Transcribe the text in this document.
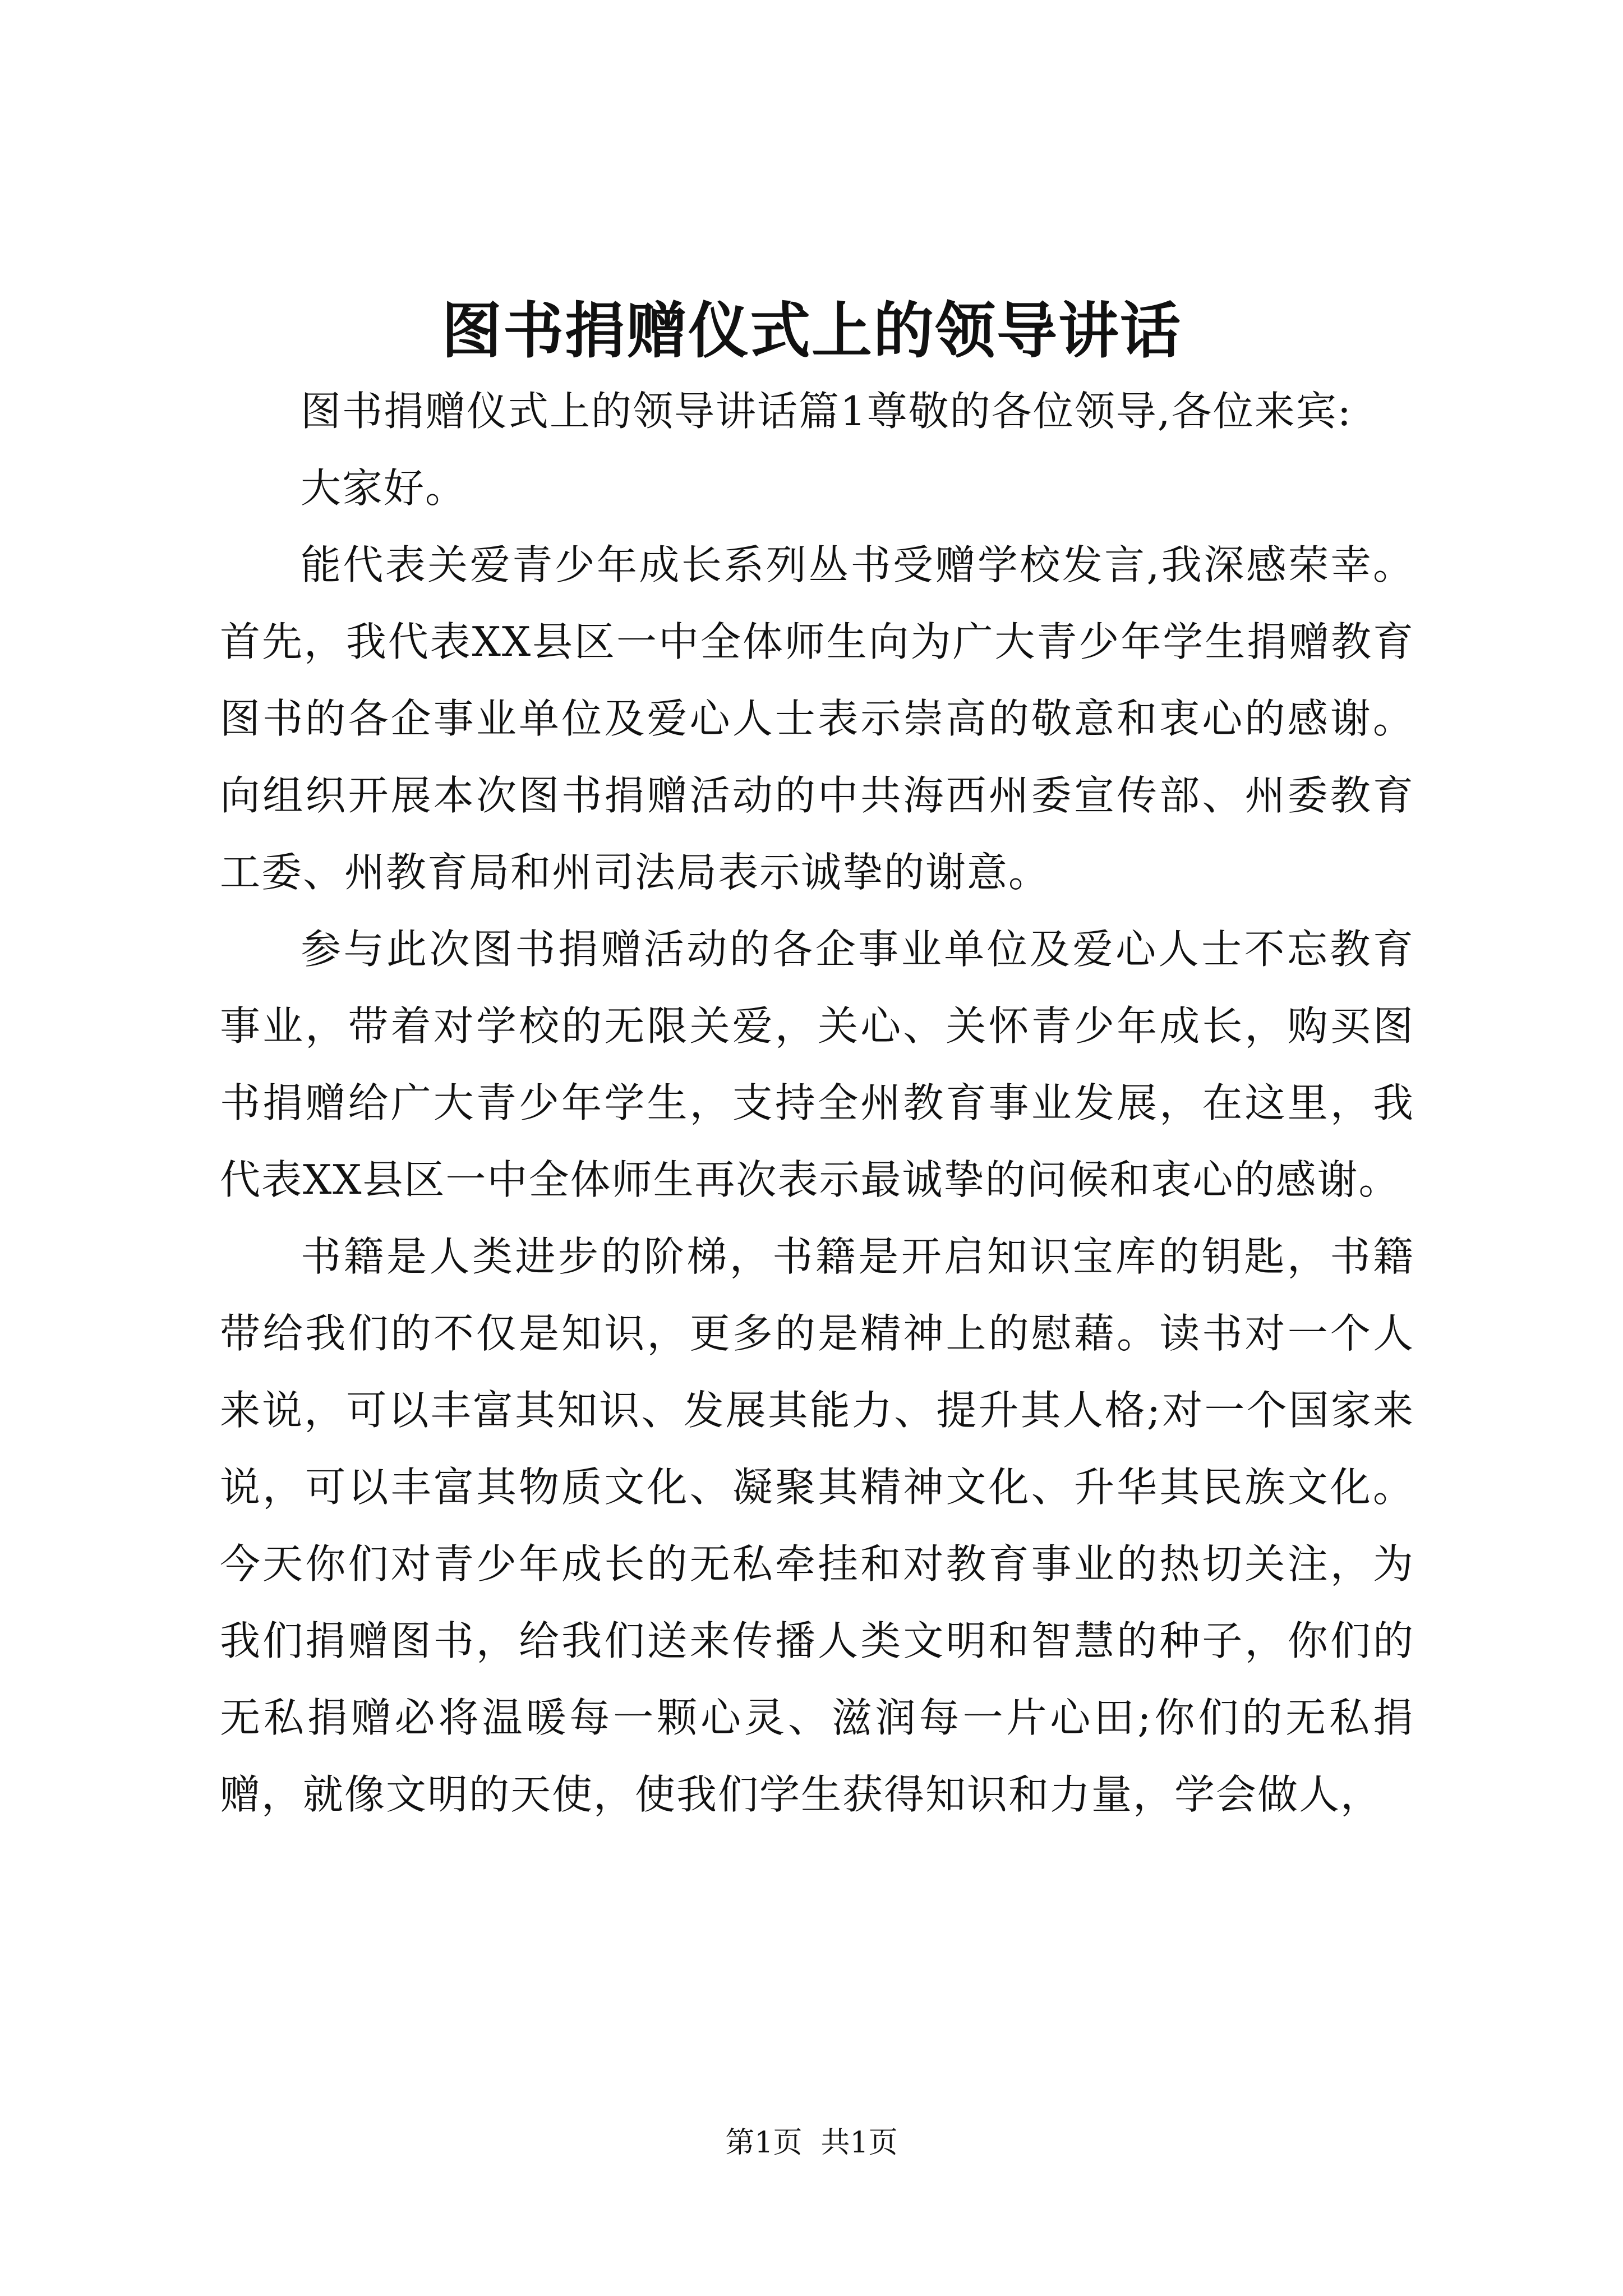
图书捐赠仪式上的领导讲话

图书捐赠仪式上的领导讲话篇1尊敬的各位领导,各位来宾:

大家好。

能代表关爱青少年成长系列丛书受赠学校发言,我深感荣幸。首先，我代表XX县区一中全体师生向为广大青少年学生捐赠教育图书的各企事业单位及爱心人士表示崇高的敬意和衷心的感谢。向组织开展本次图书捐赠活动的中共海西州委宣传部、州委教育工委、州教育局和州司法局表示诚挚的谢意。

参与此次图书捐赠活动的各企事业单位及爱心人士不忘教育事业，带着对学校的无限关爱，关心、关怀青少年成长，购买图书捐赠给广大青少年学生，支持全州教育事业发展，在这里，我代表XX县区一中全体师生再次表示最诚挚的问候和衷心的感谢。

书籍是人类进步的阶梯，书籍是开启知识宝库的钥匙，书籍带给我们的不仅是知识，更多的是精神上的慰藉。读书对一个人来说，可以丰富其知识、发展其能力、提升其人格;对一个国家来说，可以丰富其物质文化、凝聚其精神文化、升华其民族文化。今天你们对青少年成长的无私牵挂和对教育事业的热切关注，为我们捐赠图书，给我们送来传播人类文明和智慧的种子，你们的无私捐赠必将温暖每一颗心灵、滋润每一片心田;你们的无私捐赠，就像文明的天使，使我们学生获得知识和力量，学会做人，

第1页  共1页
